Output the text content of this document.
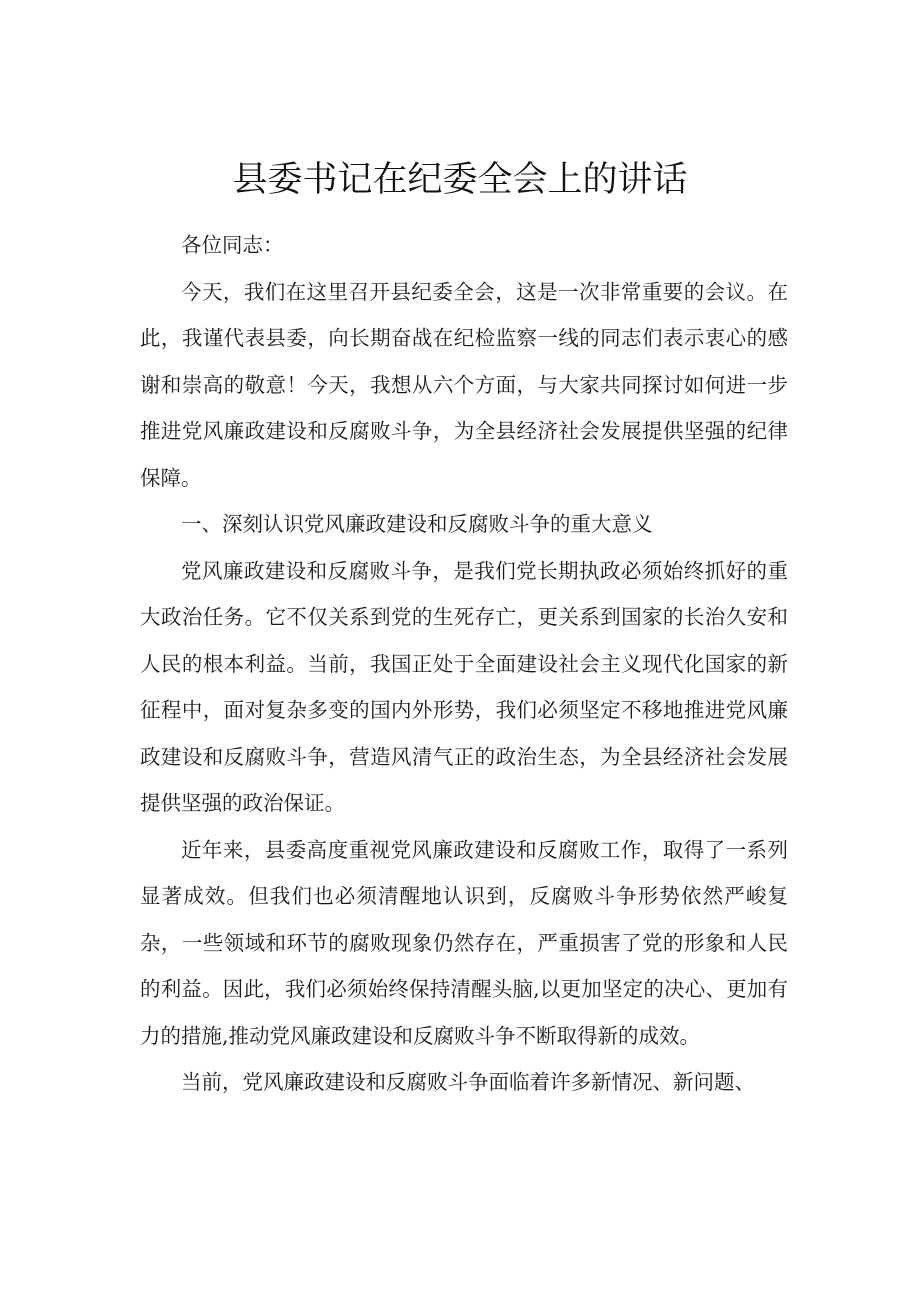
县委书记在纪委全会上的讲话

各位同志：

今天，我们在这里召开县纪委全会，这是一次非常重要的会议。在此，我谨代表县委，向长期奋战在纪检监察一线的同志们表示衷心的感谢和崇高的敬意！今天，我想从六个方面，与大家共同探讨如何进一步推进党风廉政建设和反腐败斗争，为全县经济社会发展提供坚强的纪律保障。

一、深刻认识党风廉政建设和反腐败斗争的重大意义

党风廉政建设和反腐败斗争，是我们党长期执政必须始终抓好的重大政治任务。它不仅关系到党的生死存亡，更关系到国家的长治久安和人民的根本利益。当前，我国正处于全面建设社会主义现代化国家的新征程中，面对复杂多变的国内外形势，我们必须坚定不移地推进党风廉政建设和反腐败斗争，营造风清气正的政治生态，为全县经济社会发展提供坚强的政治保证。

近年来，县委高度重视党风廉政建设和反腐败工作，取得了一系列显著成效。但我们也必须清醒地认识到，反腐败斗争形势依然严峻复杂，一些领域和环节的腐败现象仍然存在，严重损害了党的形象和人民的利益。因此，我们必须始终保持清醒头脑,以更加坚定的决心、更加有力的措施,推动党风廉政建设和反腐败斗争不断取得新的成效。

当前，党风廉政建设和反腐败斗争面临着许多新情况、新问题、
